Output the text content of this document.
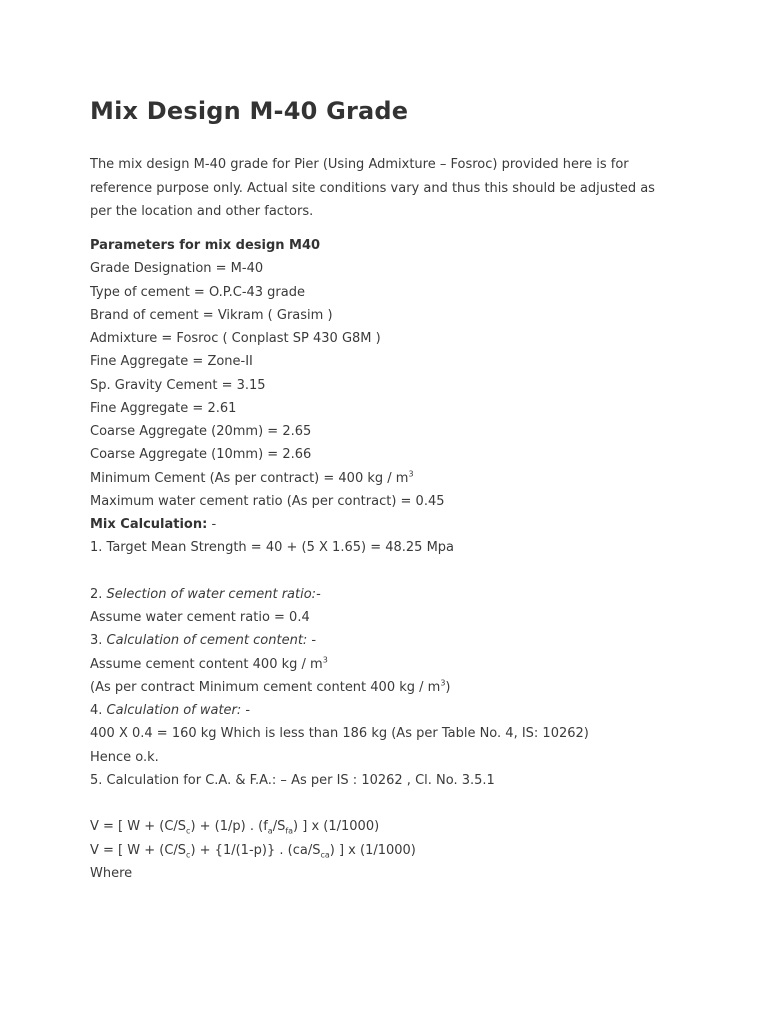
Mix Design M-40 Grade

The mix design M-40 grade for Pier (Using Admixture – Fosroc) provided here is for reference purpose only. Actual site conditions vary and thus this should be adjusted as per the location and other factors.

Parameters for mix design M40
Grade Designation = M-40
Type of cement = O.P.C-43 grade
Brand of cement = Vikram ( Grasim )
Admixture = Fosroc ( Conplast SP 430 G8M )
Fine Aggregate = Zone-II
Sp. Gravity Cement = 3.15
Fine Aggregate = 2.61
Coarse Aggregate (20mm) = 2.65
Coarse Aggregate (10mm) = 2.66
Minimum Cement (As per contract) = 400 kg / $m^3$
Maximum water cement ratio (As per contract) = 0.45
Mix Calculation: -
1. Target Mean Strength = 40 + (5 X 1.65) = 48.25 Mpa
2. Selection of water cement ratio:-
Assume water cement ratio = 0.4
3. Calculation of cement content: -
Assume cement content 400 kg / $m^3$
(As per contract Minimum cement content 400 kg / $m^3$)
4. Calculation of water: -
400 X 0.4 = 160 kg Which is less than 186 kg (As per Table No. 4, IS: 10262)
Hence o.k.
5. Calculation for C.A. & F.A.: – As per IS : 10262 , Cl. No. 3.5.1
V = [ $W + (C/S_c) + (1/p)$ . $(f_a/S_{fa})$ ] x (1/1000)
V = [ $W + (C/S_c) + \{1/(1-p)\}$ . $(ca/S_{ca})$ ] x (1/1000)
Where
